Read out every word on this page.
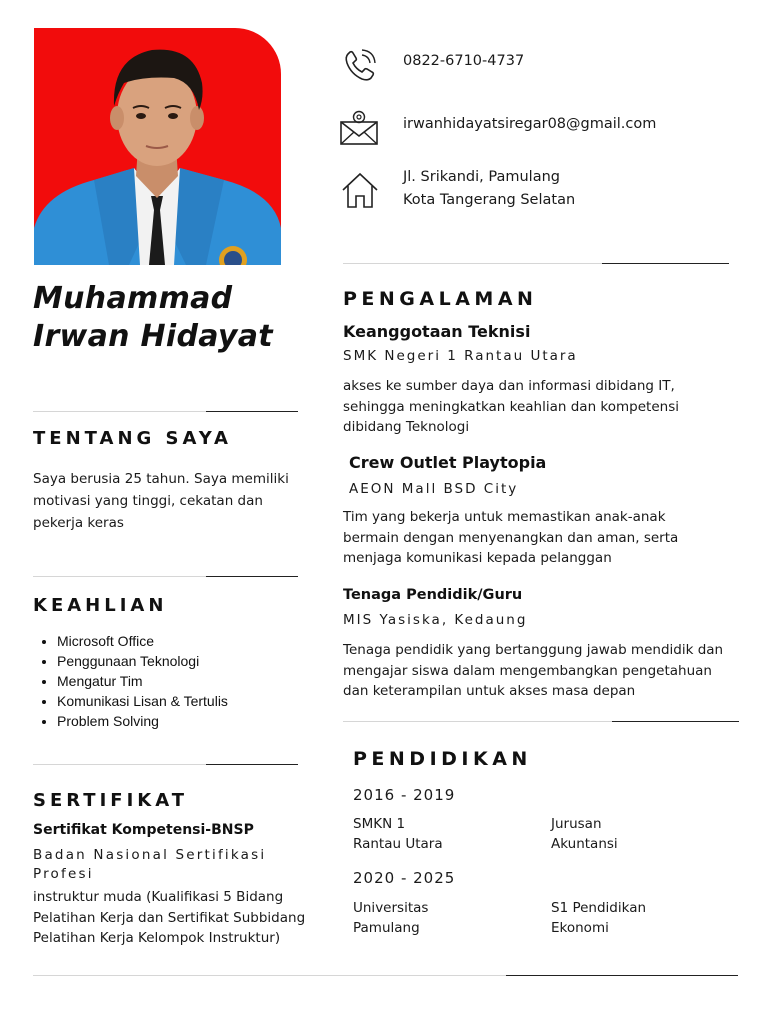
Muhammad
Irwan Hidayat
TENTANG SAYA

Saya berusia 25 tahun. Saya memiliki motivasi yang tinggi, cekatan dan pekerja keras

KEAHLIAN
• Microsoft Office
• Penggunaan Teknologi
• Mengatur Tim
• Komunikasi Lisan & Tertulis
• Problem Solving
SERTIFIKAT

Sertifikat Kompetensi-BNSP

Badan Nasional Sertifikasi

Profesi

instruktur muda (Kualifikasi 5 Bidang Pelatihan Kerja dan Sertifikat Subbidang Pelatihan Kerja Kelompok Instruktur)

0822-6710-4737
irwanhidayatsiregar08@gmail.com
Jl. Srikandi, Pamulang
Kota Tangerang Selatan
PENGALAMAN

Keanggotaan Teknisi

SMK Negeri 1 Rantau Utara

akses ke sumber daya dan informasi dibidang IT, sehingga meningkatkan keahlian dan kompetensi dibidang Teknologi

Crew Outlet Playtopia

AEON Mall BSD City

Tim yang bekerja untuk memastikan anak-anak bermain dengan menyenangkan dan aman, serta menjaga komunikasi kepada pelanggan

Tenaga Pendidik/Guru

MIS Yasiska, Kedaung

Tenaga pendidik yang bertanggung jawab mendidik dan mengajar siswa dalam mengembangkan pengetahuan dan keterampilan untuk akses masa depan

PENDIDIKAN
2016 - 2019
SMKN 1
Rantau Utara
Jurusan
Akuntansi
2020 - 2025
Universitas
Pamulang
S1 Pendidikan
Ekonomi
